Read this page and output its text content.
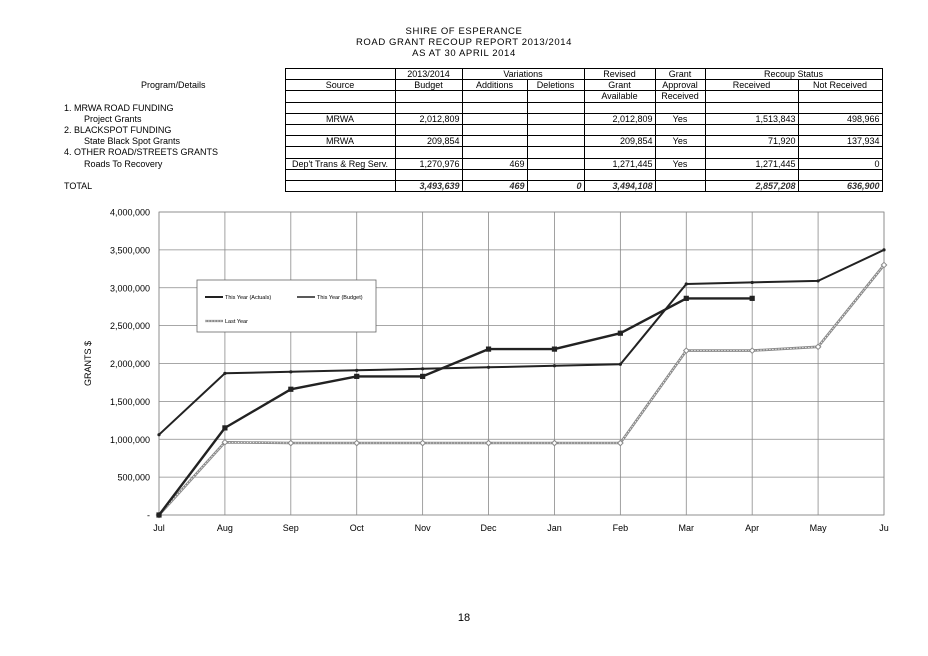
SHIRE OF ESPERANCE
ROAD GRANT RECOUP REPORT 2013/2014
AS AT 30 APRIL 2014
		2013/2014	Variations		Revised	Grant	Recoup Status	
Program/Details	Source	Budget	Additions	Deletions	Grant	Approval	Received	Not Received
					Available	Received		
1. MRWA ROAD FUNDING								
Project Grants	MRWA	2,012,809			2,012,809	Yes	1,513,843	498,966
2. BLACKSPOT FUNDING								
State Black Spot Grants	MRWA	209,854			209,854	Yes	71,920	137,934
4. OTHER ROAD/STREETS GRANTS								
Roads To Recovery	Dep't Trans & Reg Serv.	1,270,976	469		1,271,445	Yes	1,271,445	0

TOTAL		3,493,639	469	0	3,494,108		2,857,208	636,900
-
500,000
1,000,000
1,500,000
2,000,000
2,500,000
3,000,000
3,500,000
4,000,000
Jul	Aug	Sep	Oct	Nov	Dec	Jan	Feb	Mar	Apr	May	Ju
GRANTS $
This Year (Actuals)	This Year (Budget)
Last Year
18
